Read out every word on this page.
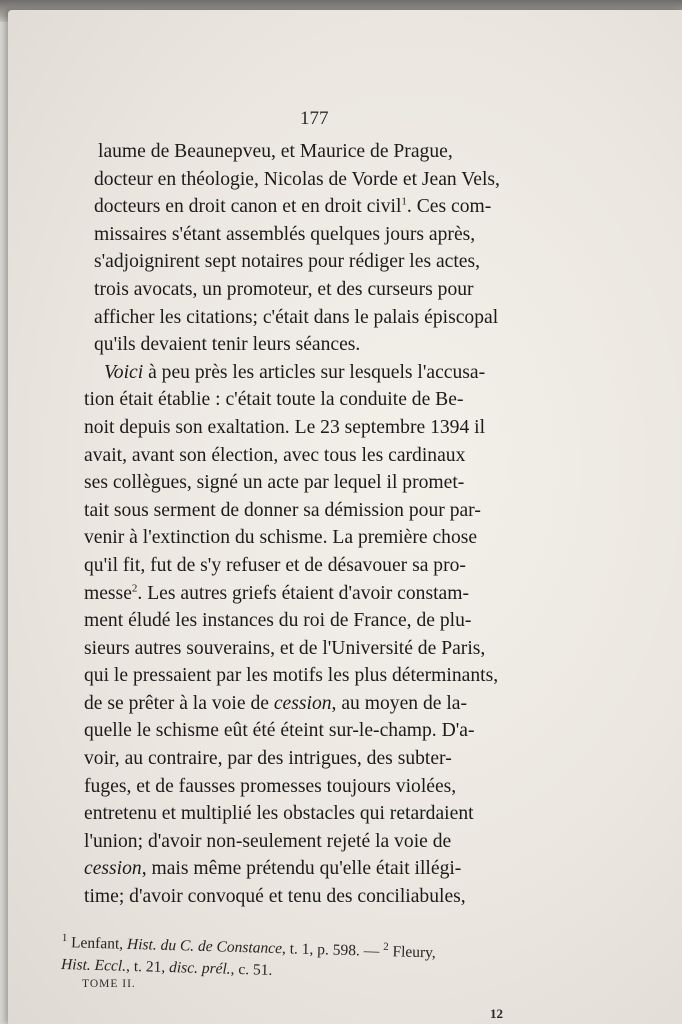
177
laume de Beaunepveu, et Maurice de Prague,
docteur en théologie, Nicolas de Vorde et Jean Vels,
docteurs en droit canon et en droit civil$^1$. Ces com-
missaires s'étant assemblés quelques jours après,
s'adjoignirent sept notaires pour rédiger les actes,
trois avocats, un promoteur, et des curseurs pour
afficher les citations; c'était dans le palais épiscopal
qu'ils devaient tenir leurs séances.
Voici à peu près les articles sur lesquels l'accusa-
tion était établie : c'était toute la conduite de Be-
noit depuis son exaltation. Le 23 septembre 1394 il
avait, avant son élection, avec tous les cardinaux
ses collègues, signé un acte par lequel il promet-
tait sous serment de donner sa démission pour par-
venir à l'extinction du schisme. La première chose
qu'il fit, fut de s'y refuser et de désavouer sa pro-
messe$^2$. Les autres griefs étaient d'avoir constam-
ment éludé les instances du roi de France, de plu-
sieurs autres souverains, et de l'Université de Paris,
qui le pressaient par les motifs les plus déterminants,
de se prêter à la voie de cession, au moyen de la-
quelle le schisme eût été éteint sur-le-champ. D'a-
voir, au contraire, par des intrigues, des subter-
fuges, et de fausses promesses toujours violées,
entretenu et multiplié les obstacles qui retardaient
l'union; d'avoir non-seulement rejeté la voie de
cession, mais même prétendu qu'elle était illégi-
time; d'avoir convoqué et tenu des conciliabules,
$^1$ Lenfant, Hist. du C. de Constance, t. 1, p. 598. — $^2$ Fleury,
Hist. Eccl., t. 21, disc. prél., c. 51.
TOME II.
12
